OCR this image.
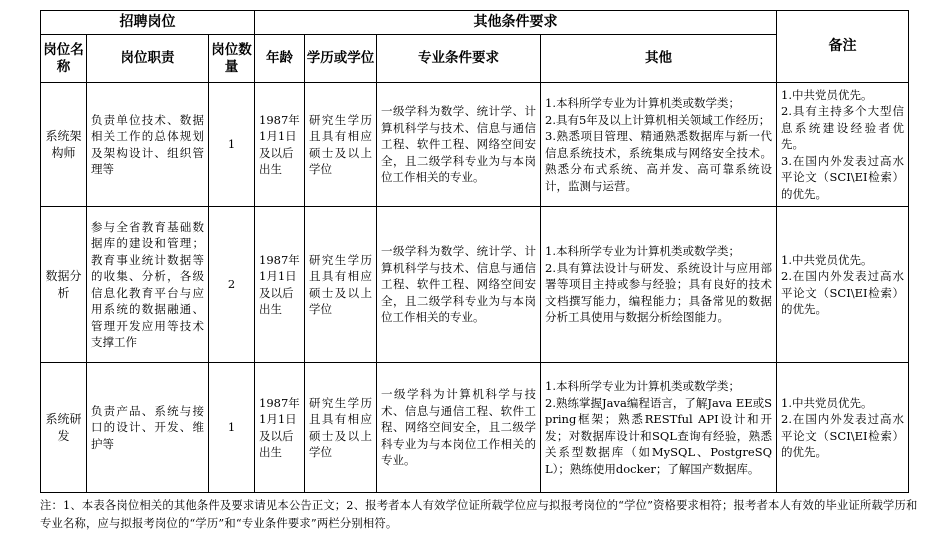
招聘岗位			其他条件要求				备注
岗位名称	岗位职责	岗位数量	年龄	学历或学位	专业条件要求	其他	
系统架构师	负责单位技术、数据相关工作的总体规划及架构设计、组织管理等	1	1987年1月1日及以后出生	研究生学历且具有相应硕士及以上学位	一级学科为数学、统计学、计算机科学与技术、信息与通信工程、软件工程、网络空间安全，且二级学科专业为与本岗位工作相关的专业。	1.本科所学专业为计算机类或数学类；
2.具有5年及以上计算机相关领域工作经历；
3.熟悉项目管理、精通熟悉数据库与新一代信息系统技术，系统集成与网络安全技术。熟悉分布式系统、高并发、高可靠系统设计，监测与运营。	1.中共党员优先。
2.具有主持多个大型信息系统建设经验者优先。
3.在国内外发表过高水平论文（SCI\EI检索）的优先。
数据分析	参与全省教育基础数据库的建设和管理；教育事业统计数据等的收集、分析，各级信息化教育平台与应用系统的数据融通、管理开发应用等技术支撑工作	2	1987年1月1日及以后出生	研究生学历且具有相应硕士及以上学位	一级学科为数学、统计学、计算机科学与技术、信息与通信工程、软件工程、网络空间安全，且二级学科专业为与本岗位工作相关的专业。	1.本科所学专业为计算机类或数学类；
2.具有算法设计与研发、系统设计与应用部署等项目主持或参与经验；具有良好的技术文档撰写能力，编程能力；具备常见的数据分析工具使用与数据分析绘图能力。	1.中共党员优先。
2.在国内外发表过高水平论文（SCI\EI检索）的优先。
系统研发	负责产品、系统与接口的设计、开发、维护等	1	1987年1月1日及以后出生	研究生学历且具有相应硕士及以上学位	一级学科为计算机科学与技术、信息与通信工程、软件工程、网络空间安全，且二级学科专业为与本岗位工作相关的专业。	1.本科所学专业为计算机类或数学类；
2.熟练掌握Java编程语言，了解Java EE或Spring框架；熟悉RESTful API设计和开发；对数据库设计和SQL查询有经验，熟悉关系型数据库（如MySQL、PostgreSQL）；熟练使用docker；了解国产数据库。	1.中共党员优先。
2.在国内外发表过高水平论文（SCI\EI检索）的优先。
注：1、本表各岗位相关的其他条件及要求请见本公告正文；2、报考者本人有效学位证所载学位应与拟报考岗位的“学位”资格要求相符；报考者本人有效的毕业证所载学历和专业名称，应与拟报考岗位的“学历”和“专业条件要求”两栏分别相符。
